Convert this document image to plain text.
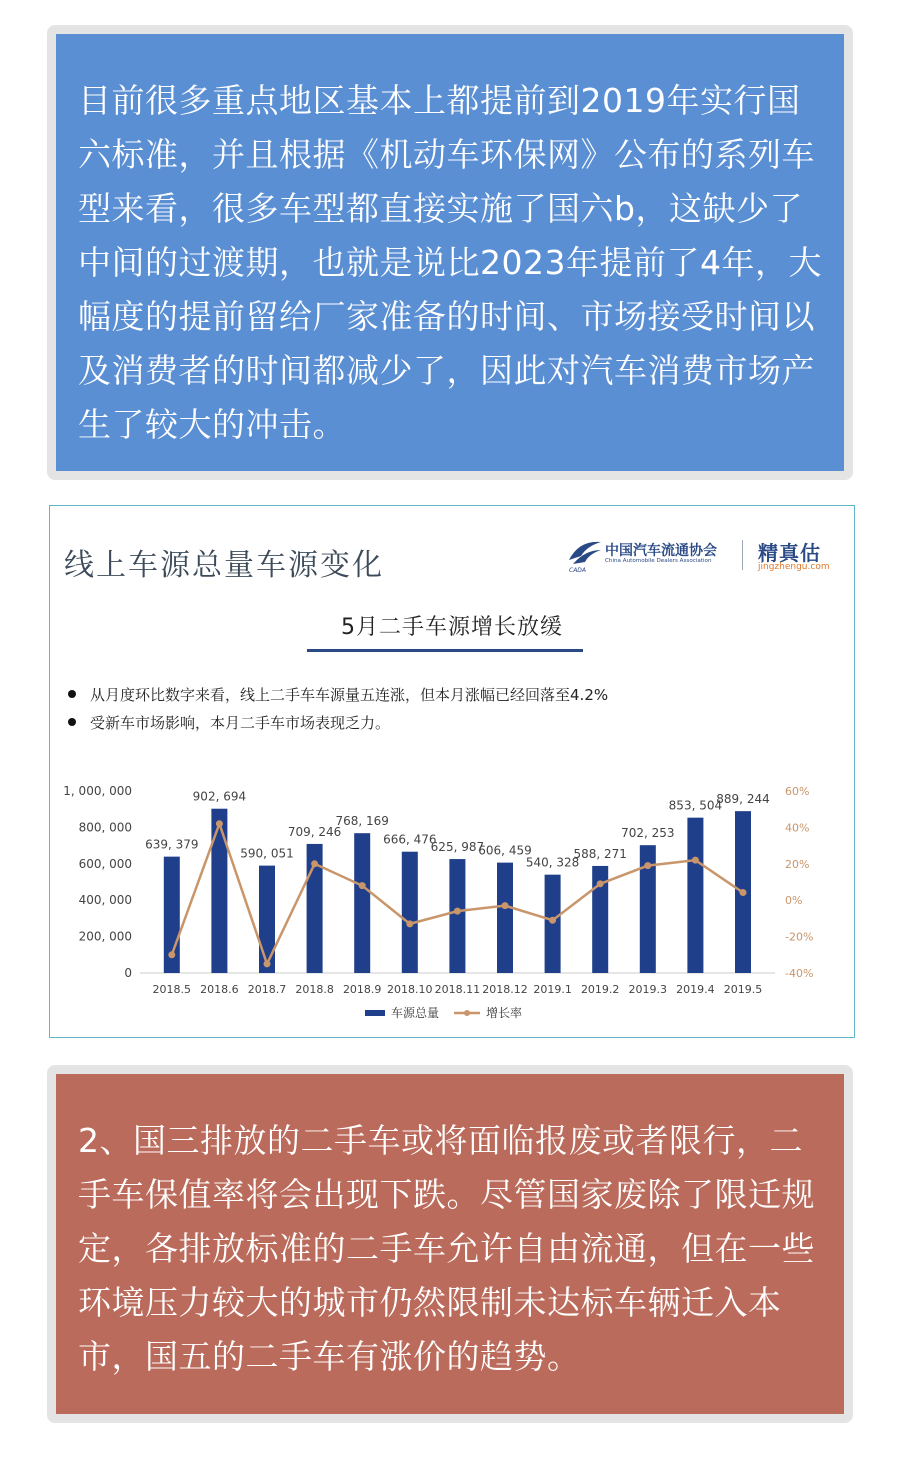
目前很多重点地区基本上都提前到2019年实行国六标准，并且根据《机动车环保网》公布的系列车型来看，很多车型都直接实施了国六b，这缺少了中间的过渡期，也就是说比2023年提前了4年，大幅度的提前留给厂家准备的时间、市场接受时间以及消费者的时间都减少了，因此对汽车消费市场产生了较大的冲击。
线上车源总量车源变化	CADA
中国汽车流通协会
China Automobile Dealers Association 精真估
jingzhengu.com
5月二手车源增长放缓
从月度环比数字来看，线上二手车车源量五连涨，但本月涨幅已经回落至4.2%
受新车市场影响，本月二手车市场表现乏力。
0
200, 000
400, 000
600, 000
800, 000
1, 000, 000
-40%
-20%
0%
20%
40%
60%
639, 379
2018.5
902, 694
2018.6
590, 051
2018.7
709, 246
2018.8
768, 169
2018.9
666, 476
2018.10
625, 987
2018.11
606, 459
2018.12
540, 328
2019.1
588, 271
2019.2
702, 253
2019.3
853, 504
2019.4
889, 244
2019.5
车源总量	增长率
2、国三排放的二手车或将面临报废或者限行，二手车保值率将会出现下跌。尽管国家废除了限迁规定，各排放标准的二手车允许自由流通，但在一些环境压力较大的城市仍然限制未达标车辆迁入本市，国五的二手车有涨价的趋势。
